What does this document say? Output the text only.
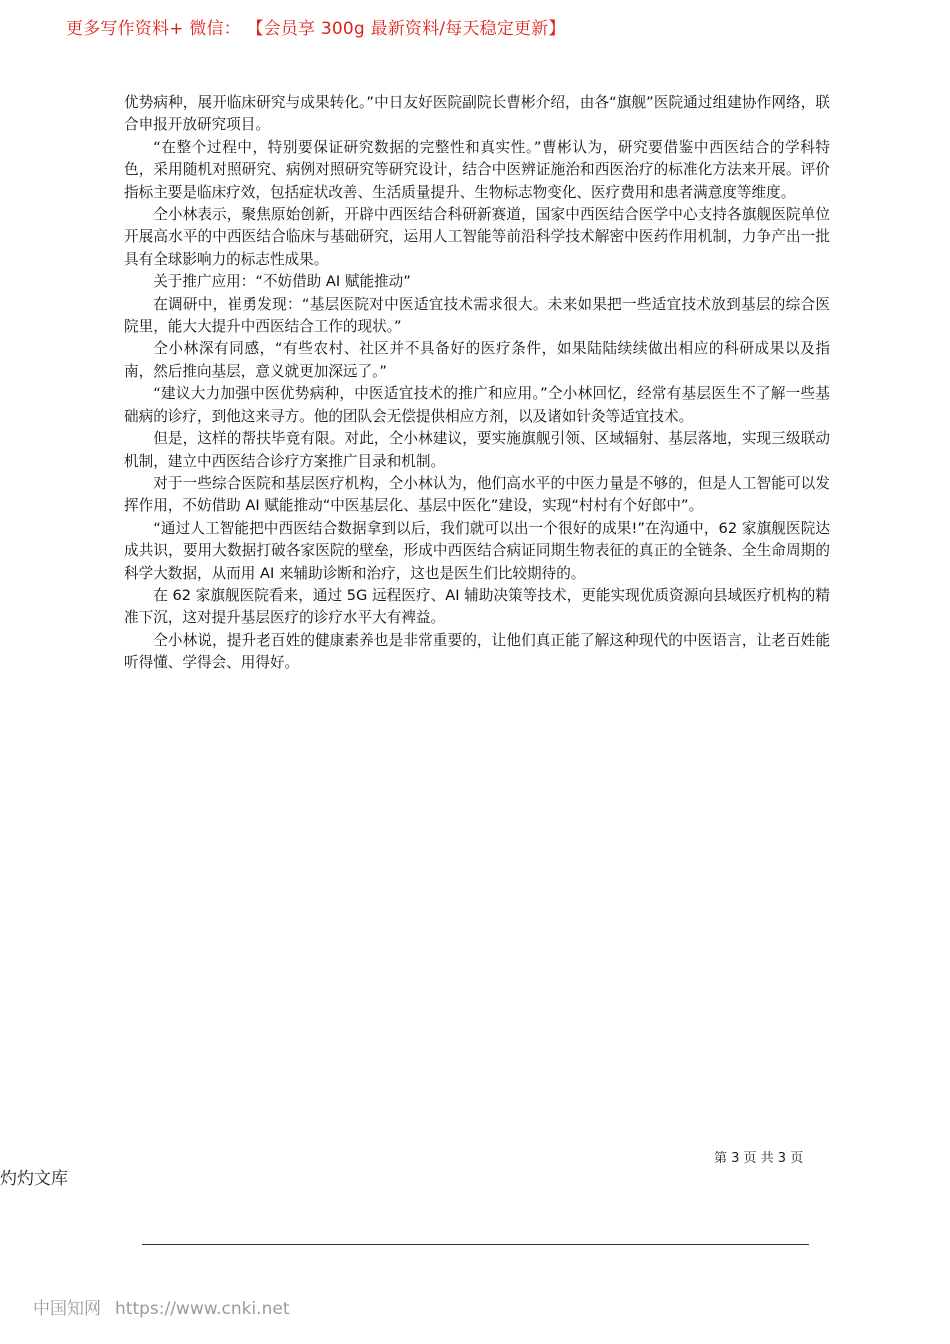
更多写作资料+ 微信： 【会员享 300g 最新资料/每天稳定更新】

优势病种，展开临床研究与成果转化。”中日友好医院副院长曹彬介绍，由各“旗舰”医院通过组建协作网络，联合申报开放研究项目。

“在整个过程中，特别要保证研究数据的完整性和真实性。”曹彬认为，研究要借鉴中西医结合的学科特色，采用随机对照研究、病例对照研究等研究设计，结合中医辨证施治和西医治疗的标准化方法来开展。评价指标主要是临床疗效，包括症状改善、生活质量提升、生物标志物变化、医疗费用和患者满意度等维度。

仝小林表示，聚焦原始创新，开辟中西医结合科研新赛道，国家中西医结合医学中心支持各旗舰医院单位开展高水平的中西医结合临床与基础研究，运用人工智能等前沿科学技术解密中医药作用机制，力争产出一批具有全球影响力的标志性成果。

关于推广应用：“不妨借助 AI 赋能推动”

在调研中，崔勇发现：“基层医院对中医适宜技术需求很大。未来如果把一些适宜技术放到基层的综合医院里，能大大提升中西医结合工作的现状。”

仝小林深有同感，“有些农村、社区并不具备好的医疗条件，如果陆陆续续做出相应的科研成果以及指南，然后推向基层，意义就更加深远了。”

“建议大力加强中医优势病种，中医适宜技术的推广和应用。”仝小林回忆，经常有基层医生不了解一些基础病的诊疗，到他这来寻方。他的团队会无偿提供相应方剂，以及诸如针灸等适宜技术。

但是，这样的帮扶毕竟有限。对此，仝小林建议，要实施旗舰引领、区域辐射、基层落地，实现三级联动机制，建立中西医结合诊疗方案推广目录和机制。

对于一些综合医院和基层医疗机构，仝小林认为，他们高水平的中医力量是不够的，但是人工智能可以发挥作用，不妨借助 AI 赋能推动“中医基层化、基层中医化”建设，实现“村村有个好郎中”。

“通过人工智能把中西医结合数据拿到以后，我们就可以出一个很好的成果!”在沟通中，62 家旗舰医院达成共识，要用大数据打破各家医院的壁垒，形成中西医结合病证同期生物表征的真正的全链条、全生命周期的科学大数据，从而用 AI 来辅助诊断和治疗，这也是医生们比较期待的。

在 62 家旗舰医院看来，通过 5G 远程医疗、AI 辅助决策等技术，更能实现优质资源向县域医疗机构的精准下沉，这对提升基层医疗的诊疗水平大有裨益。

仝小林说，提升老百姓的健康素养也是非常重要的，让他们真正能了解这种现代的中医语言，让老百姓能听得懂、学得会、用得好。

第 3 页 共 3 页
灼灼文库
中国知网 https://www.cnki.net
